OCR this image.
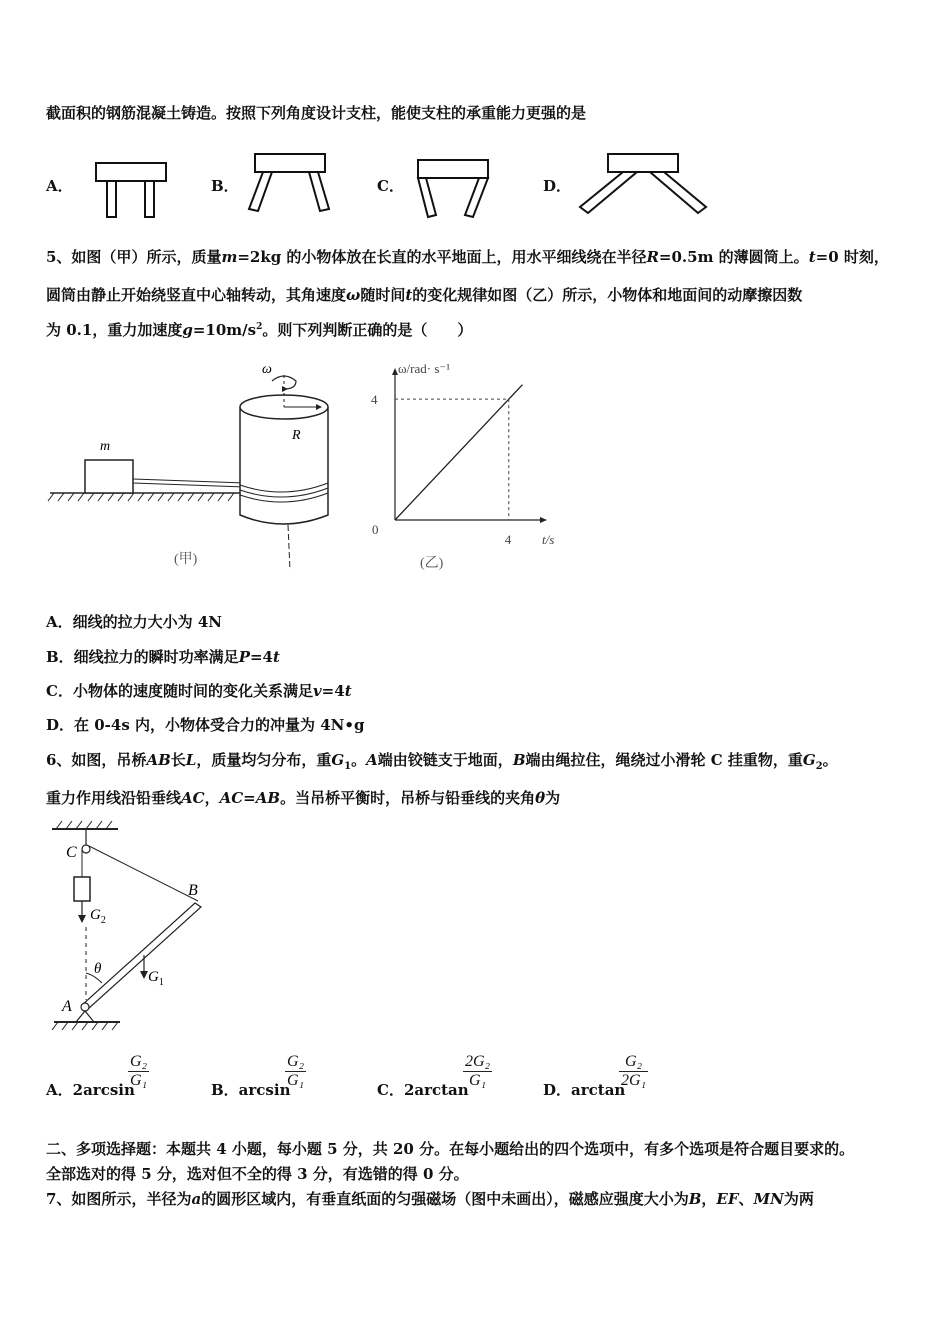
截面积的钢筋混凝土铸造。按照下列角度设计支柱，能使支柱的承重能力更强的是
A．	B．	C．	D．
5、如图（甲）所示，质量m=2kg 的小物体放在长直的水平地面上，用水平细线绕在半径R=0.5m 的薄圆筒上。t=0 时刻，
圆筒由静止开始绕竖直中心轴转动，其角速度ω随时间t的变化规律如图（乙）所示，小物体和地面间的动摩擦因数
为 0.1，重力加速度$g=10m/s^2$。则下列判断正确的是（　　）
m
ω
R
(甲)
ω/rad· s⁻¹
t/s
0
4
4
(乙)
A．细线的拉力大小为 4N
B．细线拉力的瞬时功率满足P=4t
C．小物体的速度随时间的变化关系满足v=4t
D．在 0-4s 内，小物体受合力的冲量为 4N•g
6、如图，吊桥AB长L，质量均匀分布，重$G_1$。A端由铰链支于地面，B端由绳拉住，绳绕过小滑轮 C 挂重物，重$G_2$。
重力作用线沿铅垂线AC，AC=AB。当吊桥平衡时，吊桥与铅垂线的夹角θ为
C
$G_2$
B
$G_1$
θ
A
A．2arcsin
$\frac{\text{G₂}}{\text{G₁}}$	B．arcsin
$\frac{\text{G₂}}{\text{G₁}}$	C．2arctan
$\frac{\text{2G₂}}{\text{G₁}}$	D．arctan
$\frac{\text{G₂}}{\text{2G₁}}$
二、多项选择题：本题共 4 小题，每小题 5 分，共 20 分。在每小题给出的四个选项中，有多个选项是符合题目要求的。
全部选对的得 5 分，选对但不全的得 3 分，有选错的得 0 分。
7、如图所示，半径为a的圆形区域内，有垂直纸面的匀强磁场（图中未画出），磁感应强度大小为B，EF、MN为两
